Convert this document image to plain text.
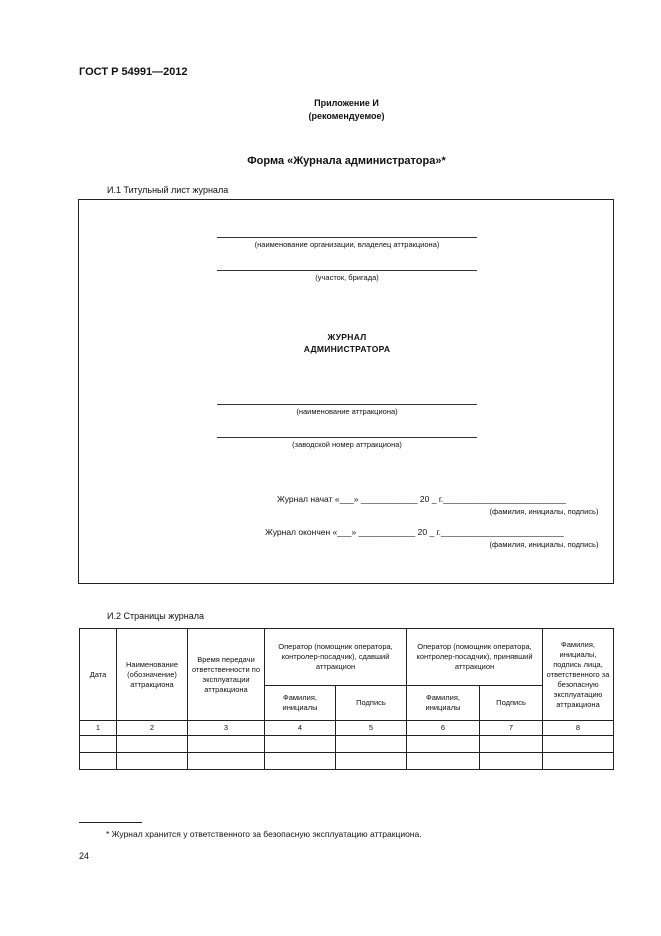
ГОСТ Р 54991—2012
Приложение И
(рекомендуемое)
Форма «Журнала администратора»*
И.1 Титульный лист журнала
(наименование организации, владелец аттракциона)
(участок, бригада)
ЖУРНАЛ
АДМИНИСТРАТОРА
(наименование аттракциона)
(заводской номер аттракциона)
Журнал начат «___» ____________ 20 _ г.__________________________
(фамилия, инициалы, подпись)
Журнал окончен «___» ____________ 20 _ г.__________________________
(фамилия, инициалы, подпись)
И.2 Страницы журнала
Дата	Наименование (обозначение) аттракциона	Время передачи ответственности по эксплуатации аттракциона	Оператор (помощник оператора, контролер-посадчик), сдавший аттракцион		Оператор (помощник оператора, контролер-посадчик), принявший аттракцион		Фамилия, инициалы, подпись лица, ответственного за безопасную эксплуатацию аттракциона
			Фамилия, инициалы	Подпись	Фамилия, инициалы	Подпись	
1	2	3	4	5	6	7	8

* Журнал хранится у ответственного за безопасную эксплуатацию аттракциона.
24
